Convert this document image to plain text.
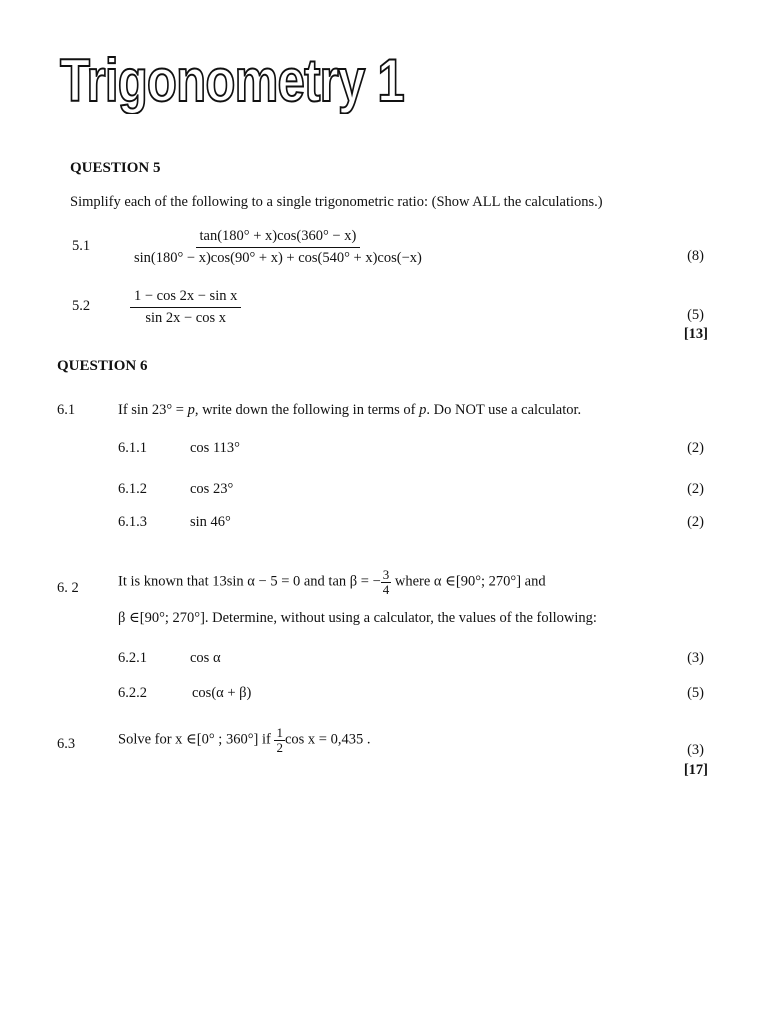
Trigonometry 1
QUESTION 5
Simplify each of the following to a single trigonometric ratio: (Show ALL the calculations.)
5.1	$\frac{\tan(180^\circ + x)\cos(360^\circ - x)}{\sin(180^\circ - x)\cos(90^\circ + x) + \cos(540^\circ + x)\cos(-x)}$	(8)
5.2	$\frac{\text{1 − cos 2x − sin x}}{\text{sin 2x − cos x}}$	(5)
[13]
QUESTION 6
6.1	If sin 23° = p, write down the following in terms of p. Do NOT use a calculator.
6.1.1	cos 113°	(2)
6.1.2	cos 23°	(2)
6.1.3	sin 46°	(2)
6. 2	It is known that 13sin α − 5 = 0 and tan β = − $\frac{3}{4}$ where α ∈[90°; 270°] and
β ∈[90°; 270°]. Determine, without using a calculator, the values of the following:
6.2.1	cos α	(3)
6.2.2	cos(α + β)	(5)
6.3	Solve for x ∈[0° ; 360°] if $\frac{1}{2}$ cos x = 0,435 .
(3)
[17]
